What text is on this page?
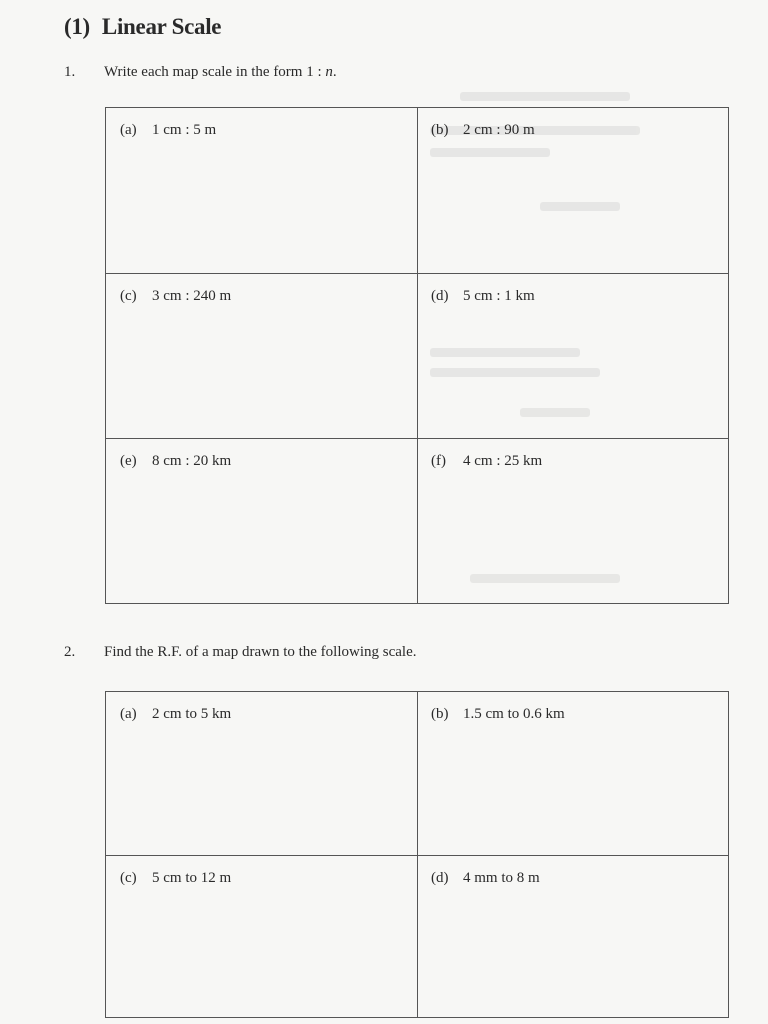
(1) Linear Scale
1. Write each map scale in the form 1 : n.
(a) 1 cm : 5 m	(b) 2 cm : 90 m
(c) 3 cm : 240 m	(d) 5 cm : 1 km
(e) 8 cm : 20 km	(f) 4 cm : 25 km
2. Find the R.F. of a map drawn to the following scale.
(a) 2 cm to 5 km	(b) 1.5 cm to 0.6 km
(c) 5 cm to 12 m	(d) 4 mm to 8 m
